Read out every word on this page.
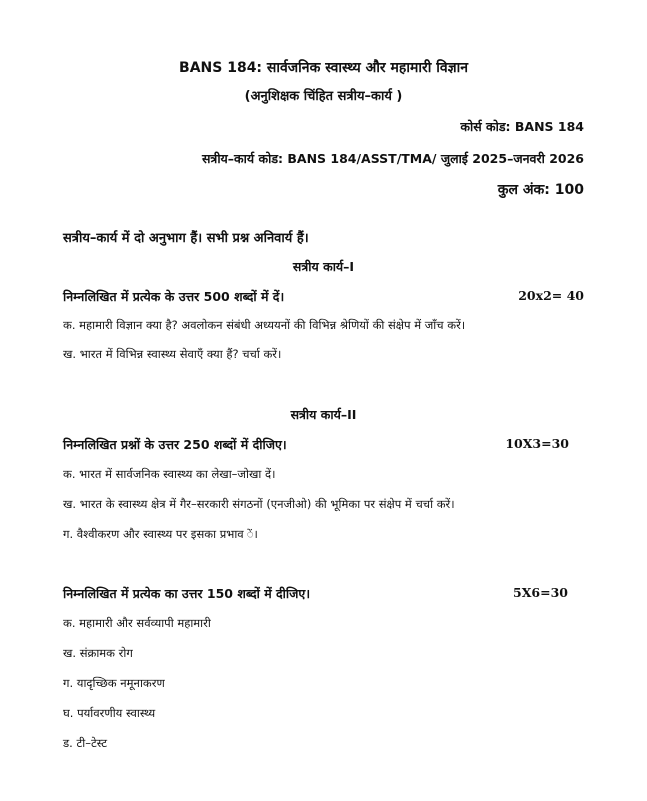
BANS 184: सार्वजनिक स्वास्थ्य और महामारी विज्ञान
(अनुशिक्षक चिंहित सत्रीय–कार्य )
कोर्स कोड: BANS 184
सत्रीय–कार्य कोड: BANS 184/ASST/TMA/ जुलाई 2025–जनवरी 2026
कुल अंक: 100
सत्रीय–कार्य में दो अनुभाग हैं। सभी प्रश्न अनिवार्य हैं।
सत्रीय कार्य–I
निम्नलिखित में प्रत्येक के उत्तर 500 शब्दों में दें।	20x2= 40
क. महामारी विज्ञान क्या है? अवलोकन संबंधी अध्ययनों की विभिन्न श्रेणियों की संक्षेप में जाँच करें।
ख. भारत में विभिन्न स्वास्थ्य सेवाएँ क्या हैं? चर्चा करें।
सत्रीय कार्य–II
निम्नलिखित प्रश्नों के उत्तर 250 शब्दों में दीजिए।	10X3=30
क. भारत में सार्वजनिक स्वास्थ्य का लेखा–जोखा दें।
ख. भारत के स्वास्थ्य क्षेत्र में गैर–सरकारी संगठनों (एनजीओ) की भूमिका पर संक्षेप में चर्चा करें।
ग. वैश्वीकरण और स्वास्थ्य पर इसका प्रभाव ें।
निम्नलिखित में प्रत्येक का उत्तर 150 शब्दों में दीजिए।	5X6=30
क. महामारी और सर्वव्यापी महामारी
ख. संक्रामक रोग
ग. यादृच्छिक नमूनाकरण
घ. पर्यावरणीय स्वास्थ्य
ड. टी–टेस्ट
